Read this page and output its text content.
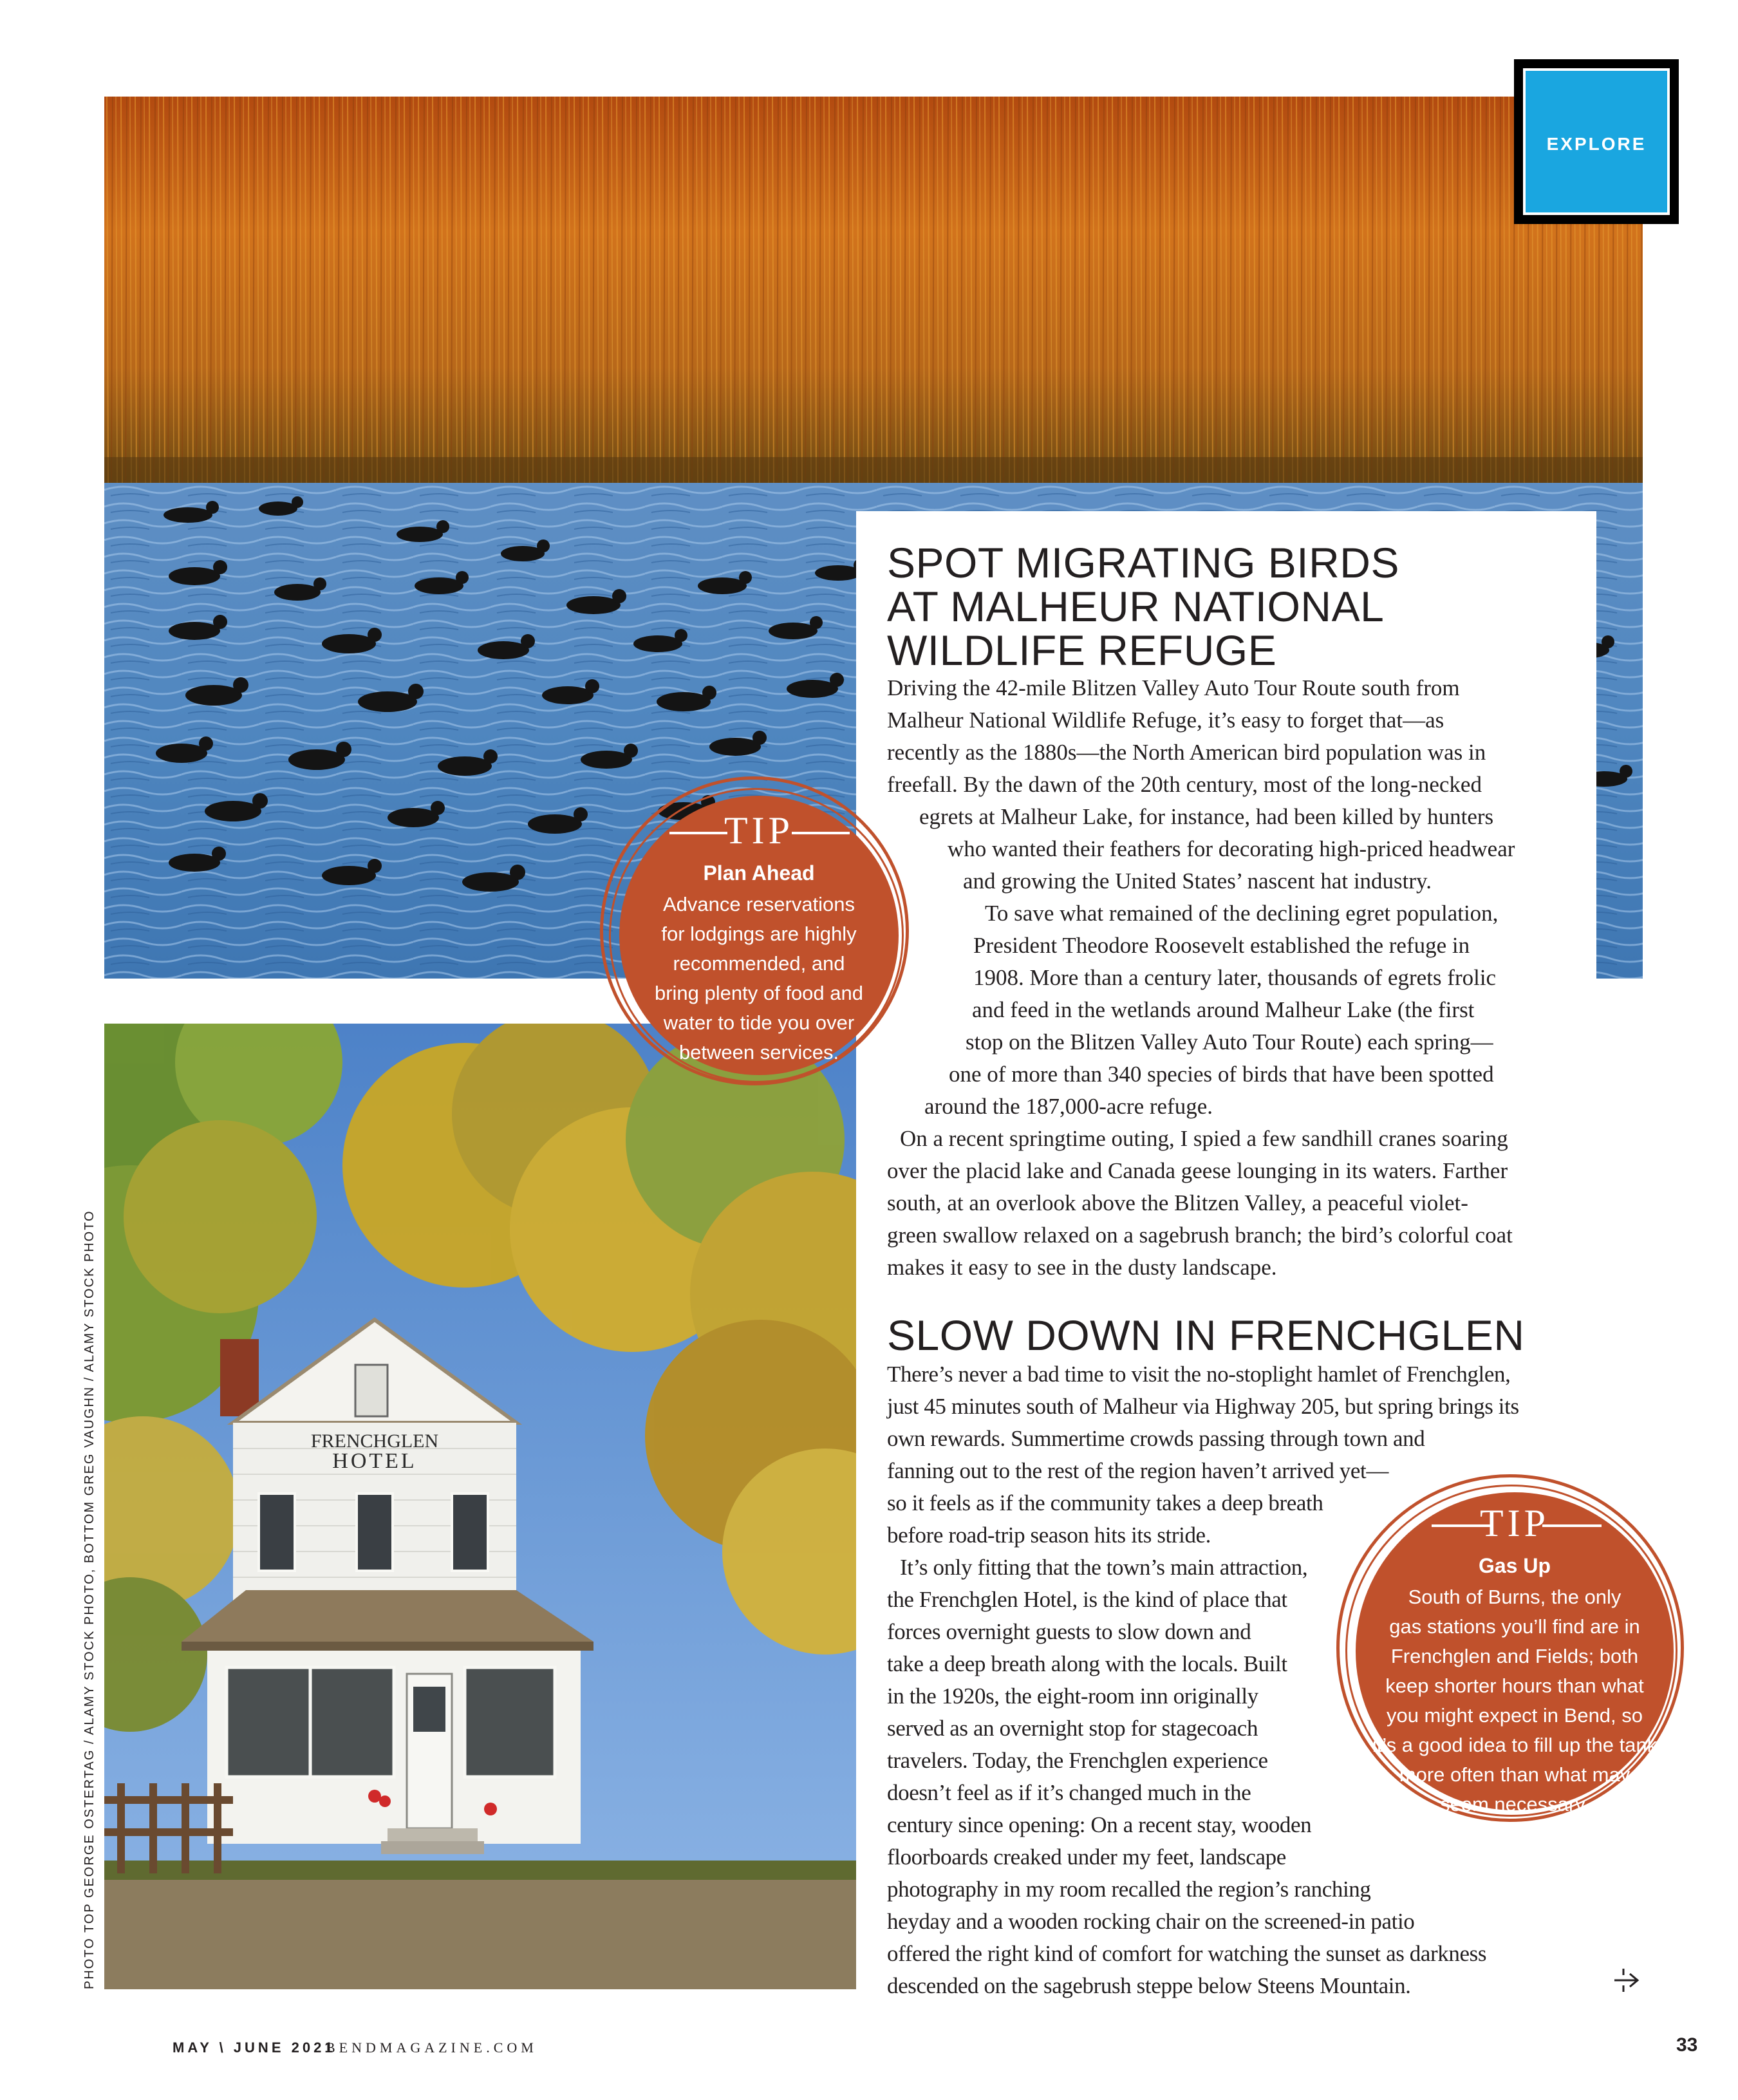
EXPLORE
FRENCHGLEN
HOTEL
SPOT MIGRATING BIRDS
AT MALHEUR NATIONAL
WILDLIFE REFUGE
Driving the 42-mile Blitzen Valley Auto Tour Route south from
Malheur National Wildlife Refuge, it’s easy to forget that—as
recently as the 1880s—the North American bird population was in
freefall. By the dawn of the 20th century, most of the long-necked
egrets at Malheur Lake, for instance, had been killed by hunters
who wanted their feathers for decorating high-priced headwear
and growing the United States’ nascent hat industry.
To save what remained of the declining egret population,
President Theodore Roosevelt established the refuge in
1908. More than a century later, thousands of egrets frolic
and feed in the wetlands around Malheur Lake (the first
stop on the Blitzen Valley Auto Tour Route) each spring—
one of more than 340 species of birds that have been spotted
around the 187,000-acre refuge.
On a recent springtime outing, I spied a few sandhill cranes soaring
over the placid lake and Canada geese lounging in its waters. Farther
south, at an overlook above the Blitzen Valley, a peaceful violet-
green swallow relaxed on a sagebrush branch; the bird’s colorful coat
makes it easy to see in the dusty landscape.
SLOW DOWN IN FRENCHGLEN
There’s never a bad time to visit the no-stoplight hamlet of Frenchglen,
just 45 minutes south of Malheur via Highway 205, but spring brings its
own rewards. Summertime crowds passing through town and
fanning out to the rest of the region haven’t arrived yet—
so it feels as if the community takes a deep breath
before road-trip season hits its stride.
It’s only fitting that the town’s main attraction,
the Frenchglen Hotel, is the kind of place that
forces overnight guests to slow down and
take a deep breath along with the locals. Built
in the 1920s, the eight-room inn originally
served as an overnight stop for stagecoach
travelers. Today, the Frenchglen experience
doesn’t feel as if it’s changed much in the
century since opening: On a recent stay, wooden
floorboards creaked under my feet, landscape
photography in my room recalled the region’s ranching
heyday and a wooden rocking chair on the screened-in patio
offered the right kind of comfort for watching the sunset as darkness
descended on the sagebrush steppe below Steens Mountain.
TIP
Plan Ahead
Advance reservations
for lodgings are highly
recommended, and
bring plenty of food and
water to tide you over
between services.
TIP
Gas Up
South of Burns, the only
gas stations you’ll find are in
Frenchglen and Fields; both
keep shorter hours than what
you might expect in Bend, so
it’s a good idea to fill up the tank
more often than what may
seem necessary.
PHOTO TOP GEORGE OSTERTAG / ALAMY STOCK PHOTO, BOTTOM GREG VAUGHN / ALAMY STOCK PHOTO
MAY \ JUNE 2021
BENDMAGAZINE.COM	33
